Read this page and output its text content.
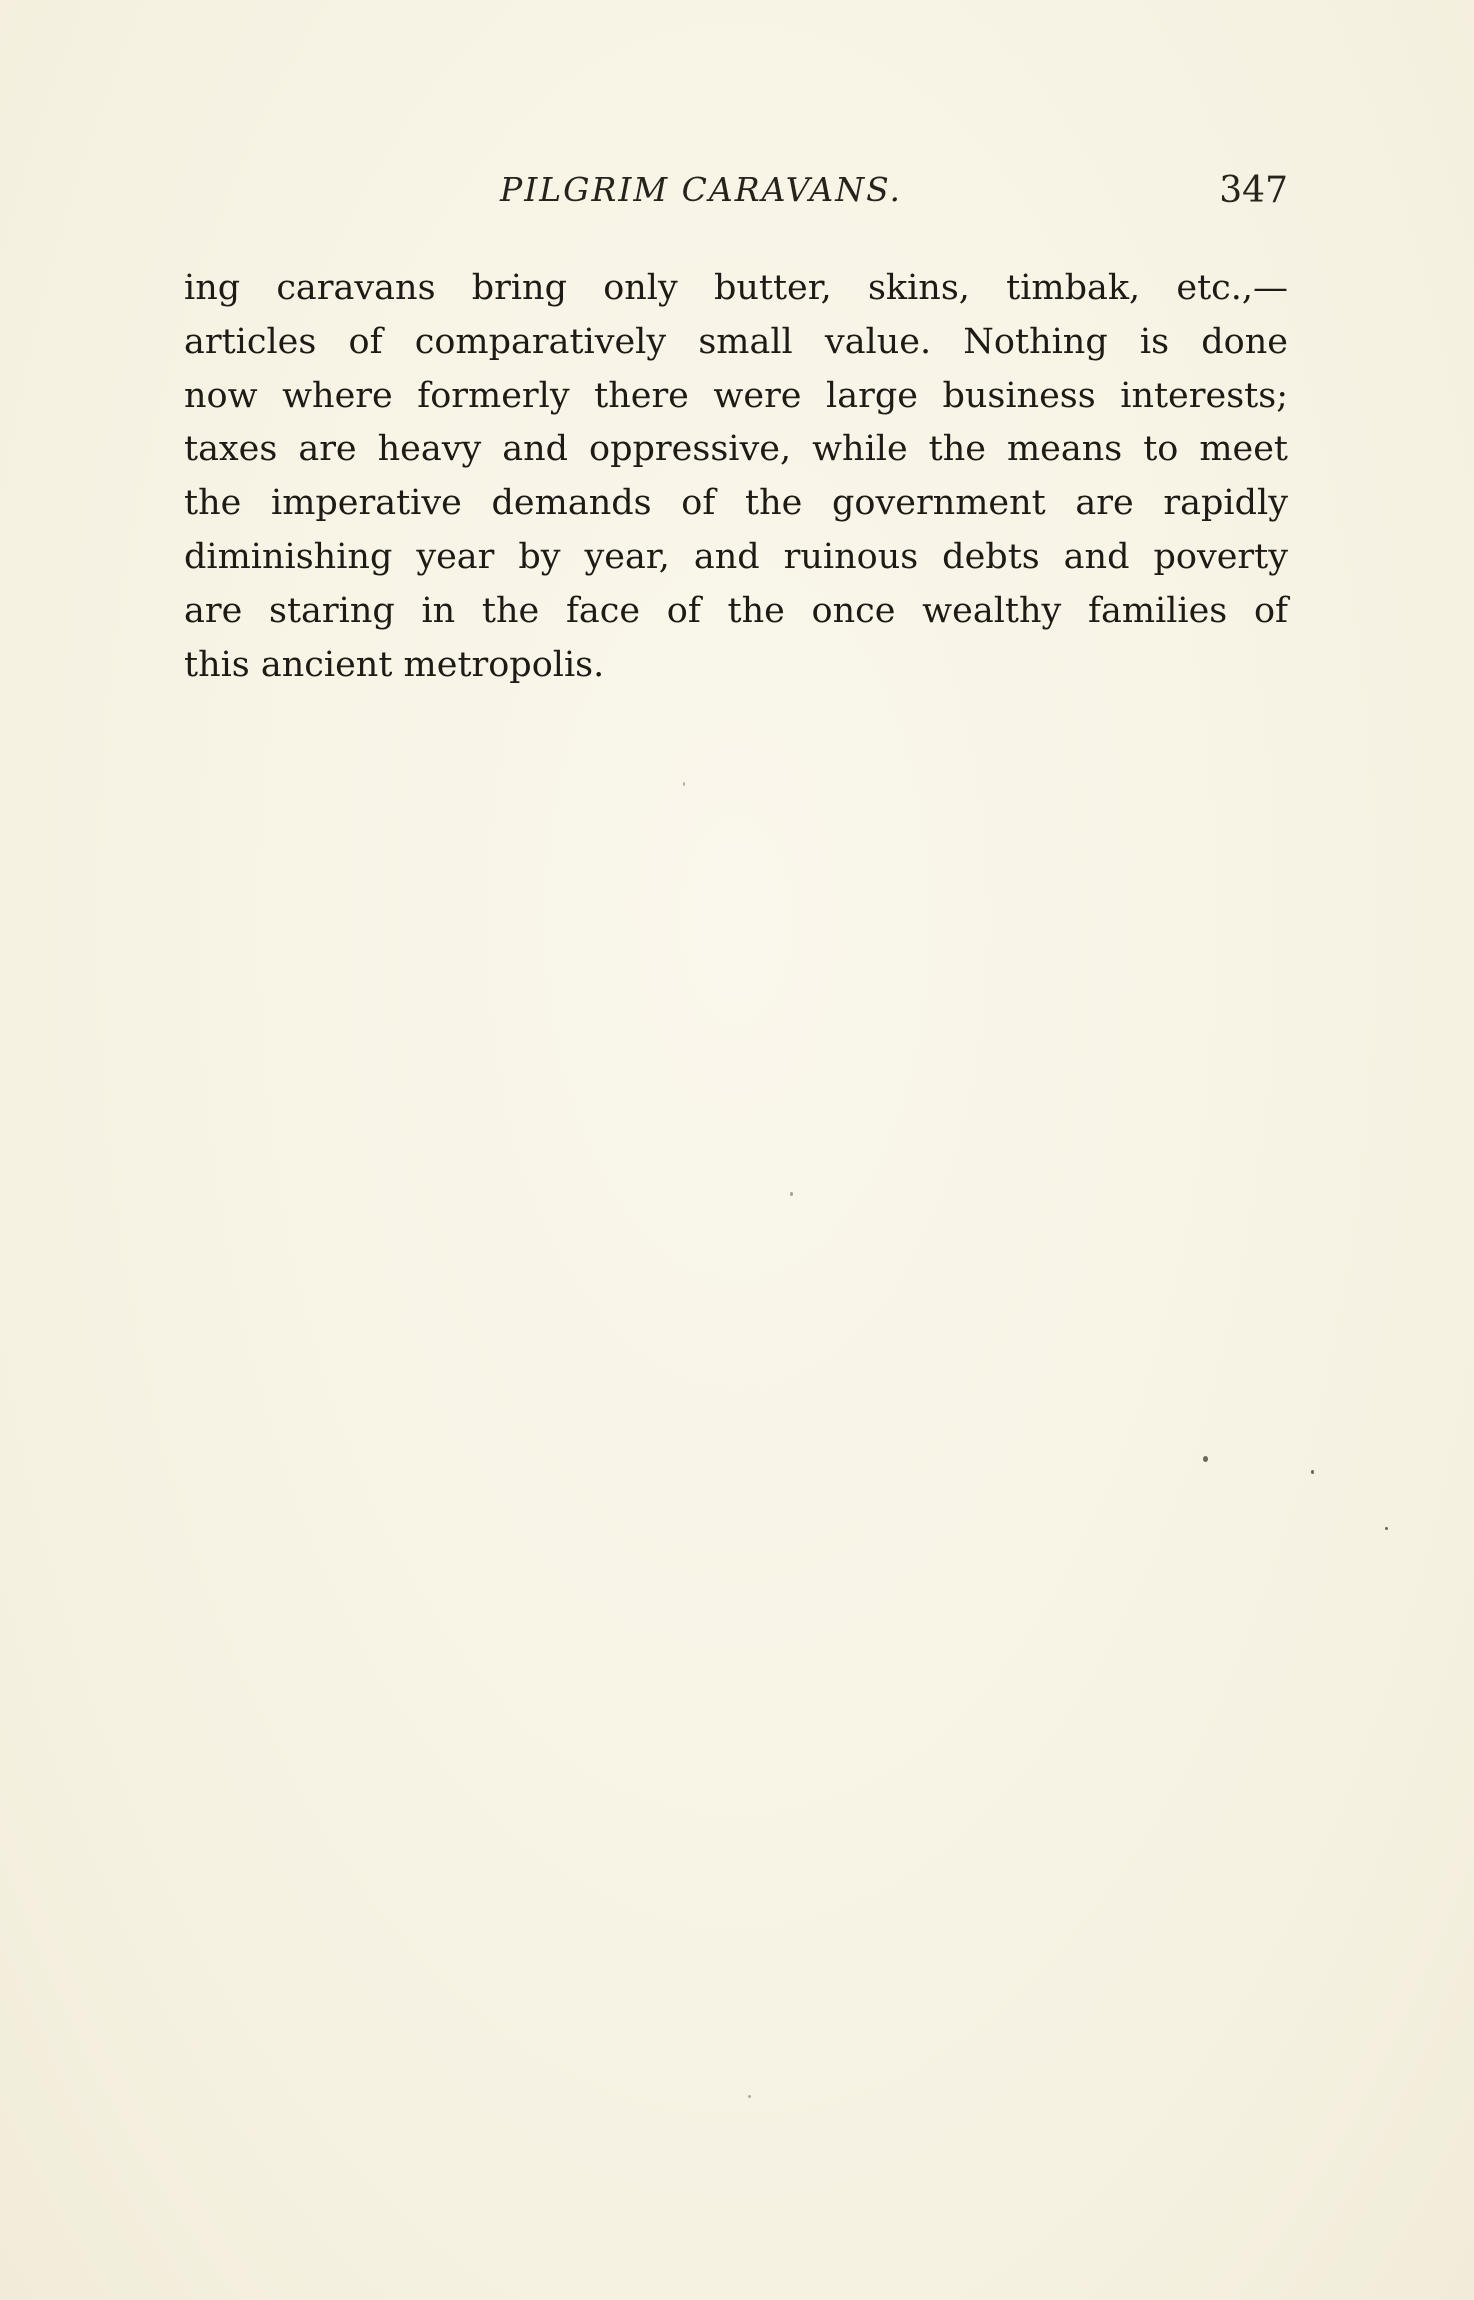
PILGRIM CARAVANS.	347
ing caravans bring only butter, skins, timbak, etc.,—
articles of comparatively small value. Nothing is done
now where formerly there were large business interests;
taxes are heavy and oppressive, while the means to meet
the imperative demands of the government are rapidly
diminishing year by year, and ruinous debts and poverty
are staring in the face of the once wealthy families of
this ancient metropolis.
